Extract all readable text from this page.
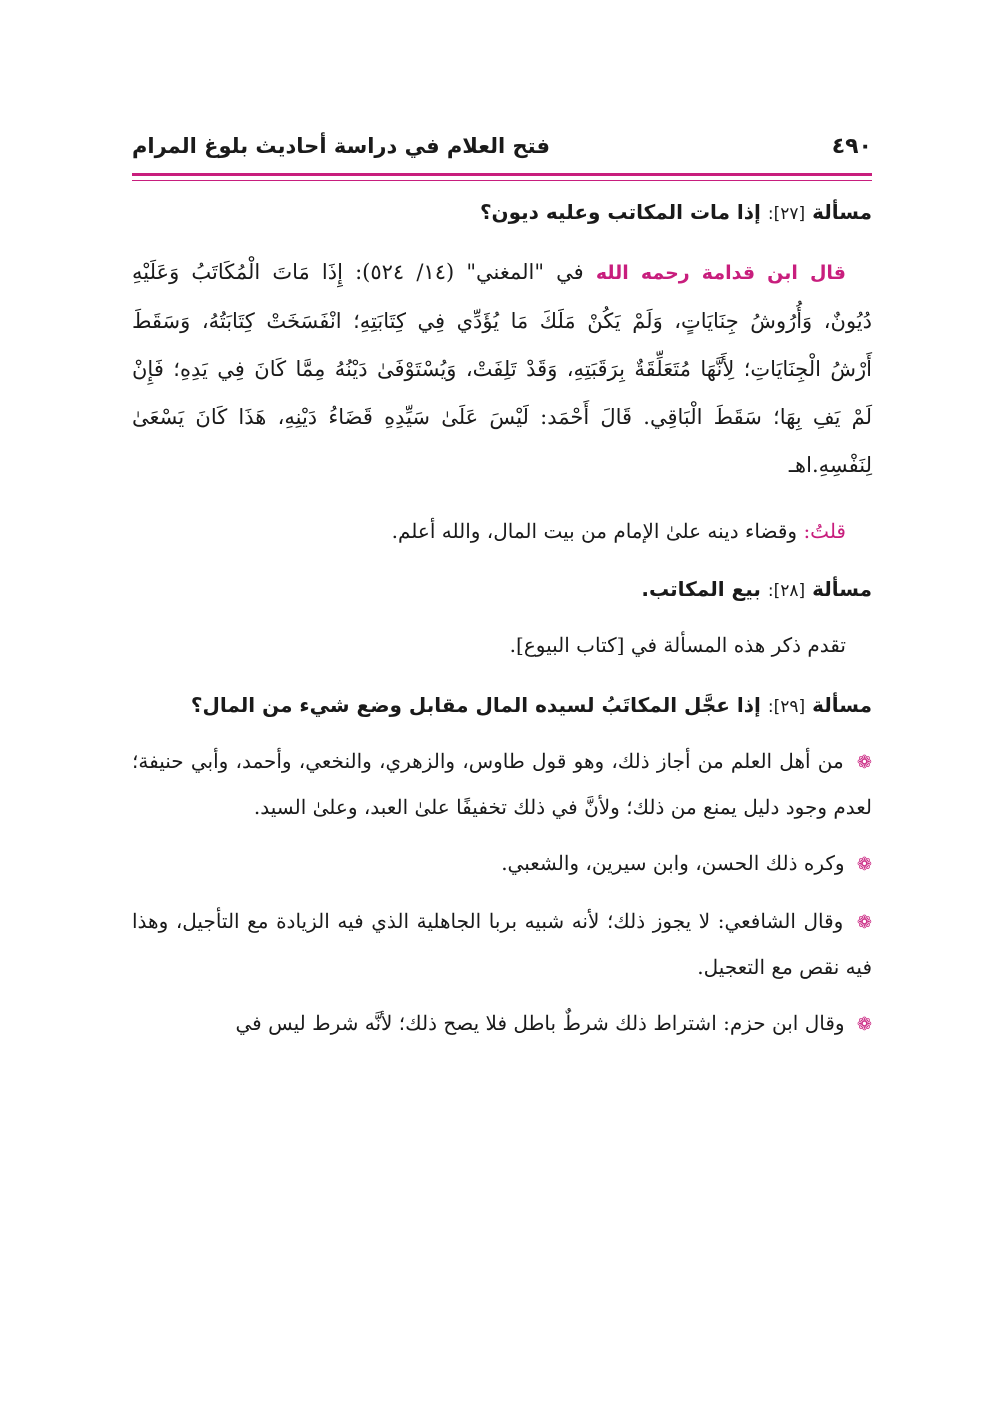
٤٩٠
فتح العلام في دراسة أحاديث بلوغ المرام

مسألة [٢٧]: إذا مات المكاتب وعليه ديون؟

قال ابن قدامة رحمه الله في "المغني" (١٤/ ٥٢٤): إِذَا مَاتَ الْمُكَاتَبُ وَعَلَيْهِ دُيُونٌ، وَأُرُوشُ جِنَايَاتٍ، وَلَمْ يَكُنْ مَلَكَ مَا يُؤَدِّي فِي كِتَابَتِهِ؛ انْفَسَخَتْ كِتَابَتُهُ، وَسَقَطَ أَرْشُ الْجِنَايَاتِ؛ لِأَنَّهَا مُتَعَلِّقَةٌ بِرَقَبَتِهِ، وَقَدْ تَلِفَتْ، وَيُسْتَوْفَىٰ دَيْنُهُ مِمَّا كَانَ فِي يَدِهِ؛ فَإِنْ لَمْ يَفِ بِهَا؛ سَقَطَ الْبَاقِي. قَالَ أَحْمَد: لَيْسَ عَلَىٰ سَيِّدِهِ قَضَاءُ دَيْنِهِ، هَذَا كَانَ يَسْعَىٰ لِنَفْسِهِ.اهـ

قلتُ: وقضاء دينه علىٰ الإمام من بيت المال، والله أعلم.

مسألة [٢٨]: بيع المكاتب.

تقدم ذكر هذه المسألة في [كتاب البيوع].

مسألة [٢٩]: إذا عجَّل المكاتَبُ لسيده المال مقابل وضع شيء من المال؟

❁ من أهل العلم من أجاز ذلك، وهو قول طاوس، والزهري، والنخعي، وأحمد، وأبي حنيفة؛ لعدم وجود دليل يمنع من ذلك؛ ولأنَّ في ذلك تخفيفًا علىٰ العبد، وعلىٰ السيد.

❁ وكره ذلك الحسن، وابن سيرين، والشعبي.

❁ وقال الشافعي: لا يجوز ذلك؛ لأنه شبيه بربا الجاهلية الذي فيه الزيادة مع التأجيل، وهذا فيه نقص مع التعجيل.

❁ وقال ابن حزم: اشتراط ذلك شرطٌ باطل فلا يصح ذلك؛ لأنَّه شرط ليس في
